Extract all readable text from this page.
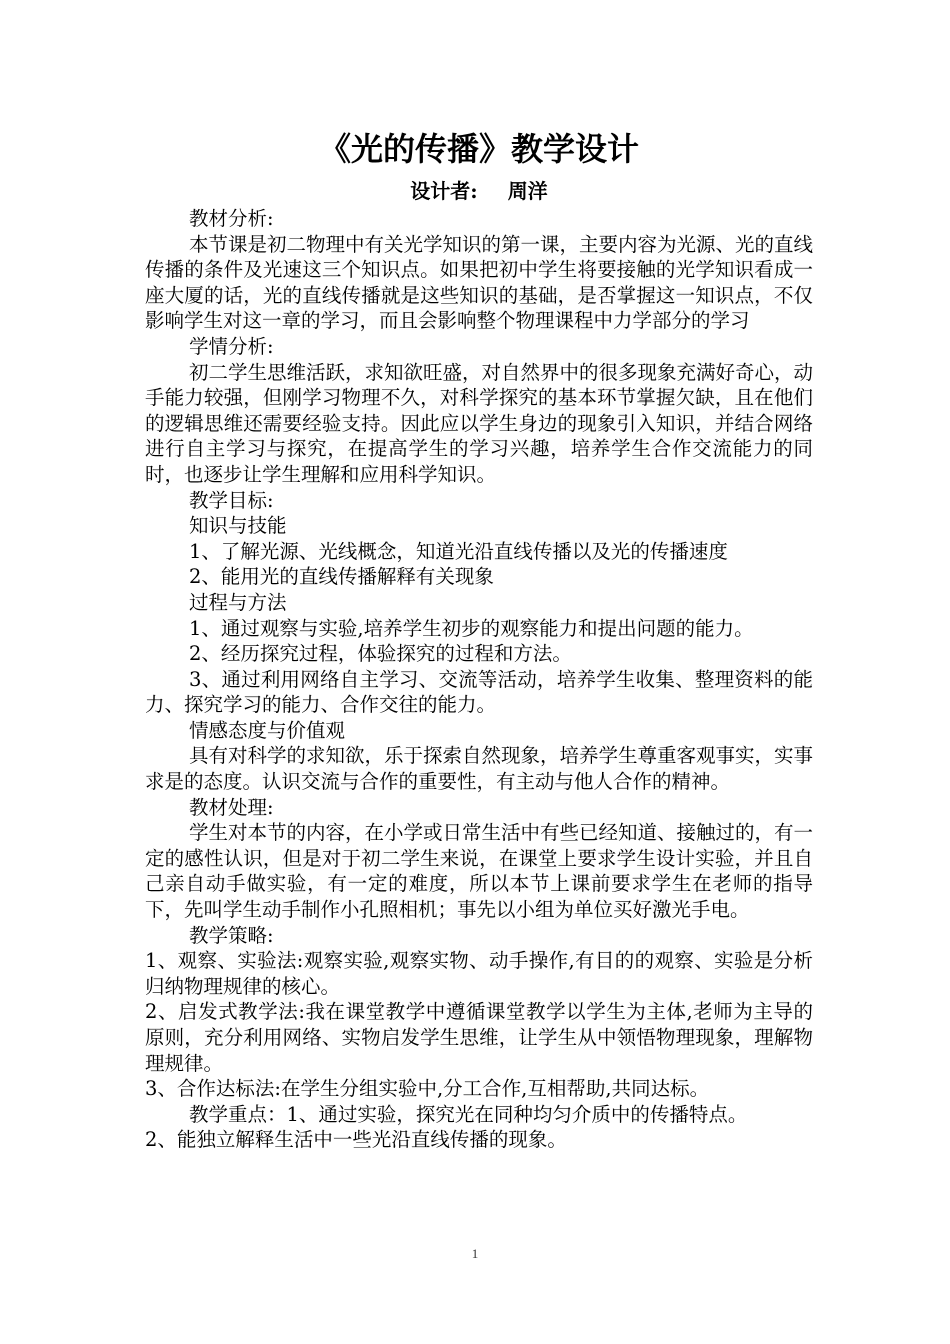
《光的传播》教学设计
设计者: 周洋

教材分析:

本节课是初二物理中有关光学知识的第一课，主要内容为光源、光的直线传播的条件及光速这三个知识点。如果把初中学生将要接触的光学知识看成一座大厦的话，光的直线传播就是这些知识的基础，是否掌握这一知识点，不仅影响学生对这一章的学习，而且会影响整个物理课程中力学部分的学习

学情分析:

初二学生思维活跃，求知欲旺盛，对自然界中的很多现象充满好奇心，动手能力较强，但刚学习物理不久，对科学探究的基本环节掌握欠缺，且在他们的逻辑思维还需要经验支持。因此应以学生身边的现象引入知识，并结合网络进行自主学习与探究，在提高学生的学习兴趣，培养学生合作交流能力的同时，也逐步让学生理解和应用科学知识。

教学目标:

知识与技能

1、了解光源、光线概念，知道光沿直线传播以及光的传播速度

2、能用光的直线传播解释有关现象

过程与方法

1、通过观察与实验,培养学生初步的观察能力和提出问题的能力。

2、经历探究过程，体验探究的过程和方法。

3、通过利用网络自主学习、交流等活动，培养学生收集、整理资料的能力、探究学习的能力、合作交往的能力。

情感态度与价值观

具有对科学的求知欲，乐于探索自然现象，培养学生尊重客观事实，实事求是的态度。认识交流与合作的重要性，有主动与他人合作的精神。

教材处理:

学生对本节的内容，在小学或日常生活中有些已经知道、接触过的，有一定的感性认识，但是对于初二学生来说，在课堂上要求学生设计实验，并且自己亲自动手做实验，有一定的难度，所以本节上课前要求学生在老师的指导下，先叫学生动手制作小孔照相机；事先以小组为单位买好激光手电。

教学策略:

1、观察、实验法:观察实验,观察实物、动手操作,有目的的观察、实验是分析归纳物理规律的核心。

2、启发式教学法:我在课堂教学中遵循课堂教学以学生为主体,老师为主导的原则，充分利用网络、实物启发学生思维，让学生从中领悟物理现象，理解物理规律。

3、合作达标法:在学生分组实验中,分工合作,互相帮助,共同达标。

教学重点：1、通过实验，探究光在同种均匀介质中的传播特点。

2、能独立解释生活中一些光沿直线传播的现象。

1
